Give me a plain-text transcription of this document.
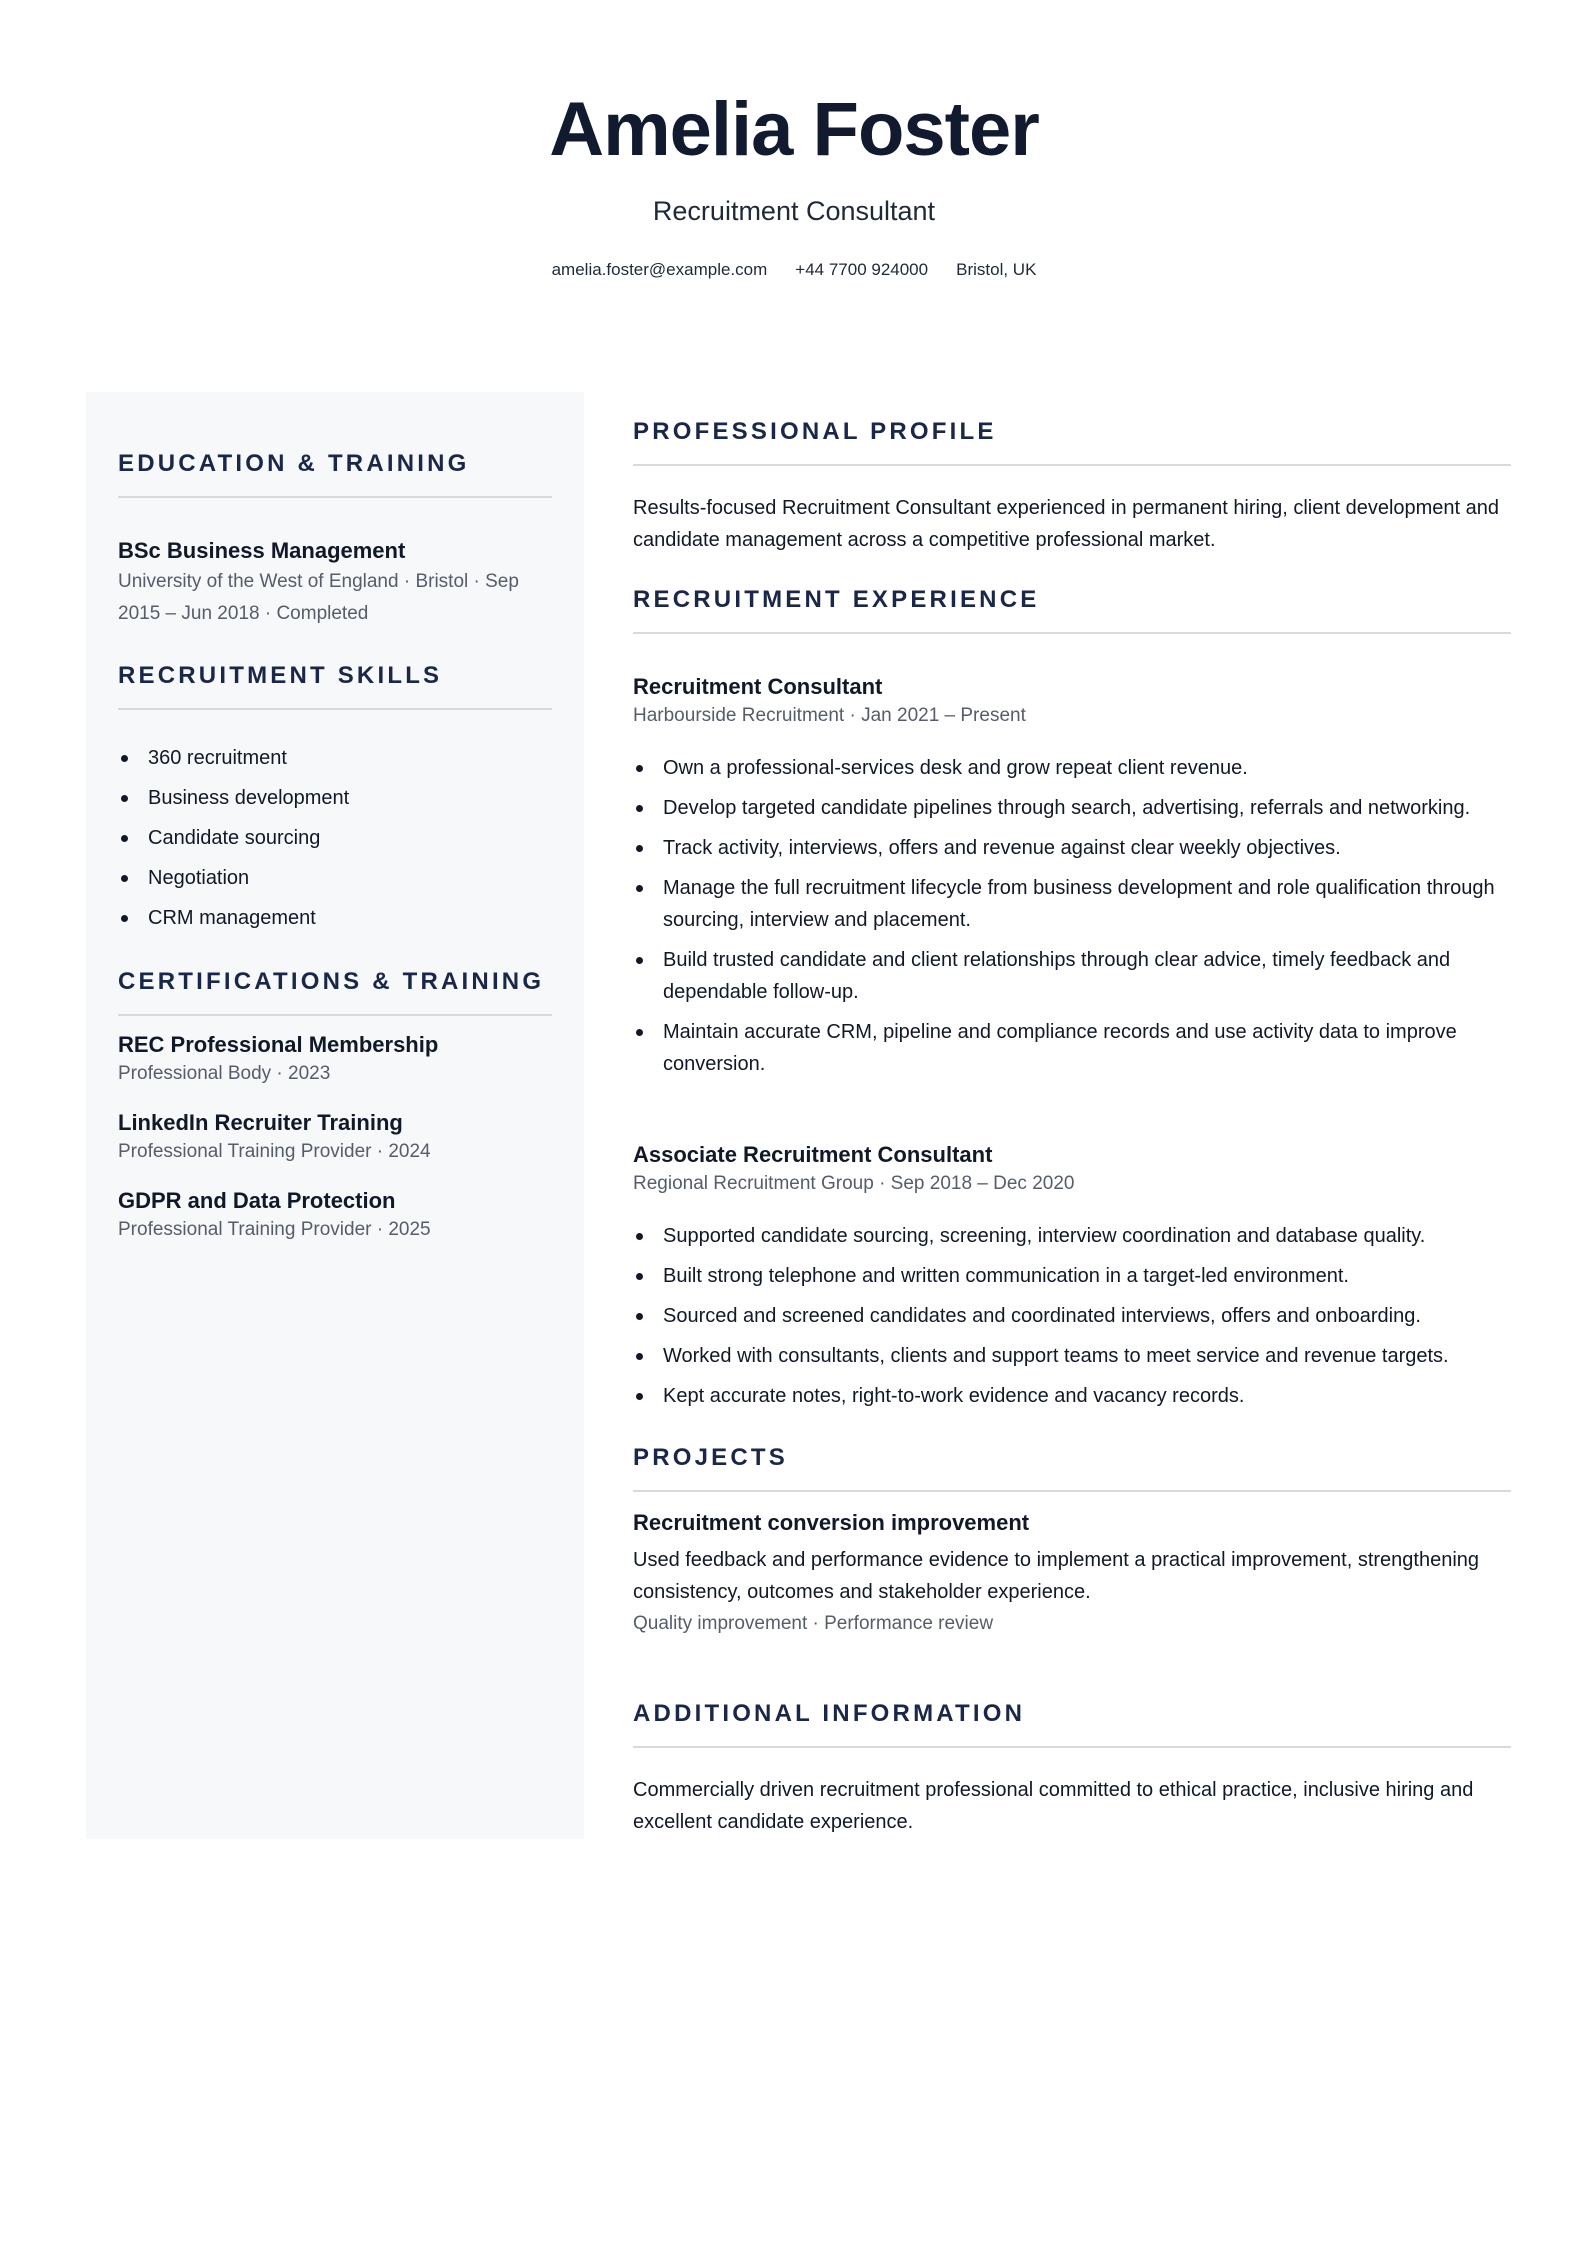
Amelia Foster
Recruitment Consultant
amelia.foster@example.com +44 7700 924000 Bristol, UK
EDUCATION & TRAINING

BSc Business Management

University of the West of England · Bristol · Sep 2015 – Jun 2018 · Completed

RECRUITMENT SKILLS
360 recruitment
Business development
Candidate sourcing
Negotiation
CRM management
CERTIFICATIONS & TRAINING

REC Professional Membership

Professional Body · 2023

LinkedIn Recruiter Training

Professional Training Provider · 2024

GDPR and Data Protection

Professional Training Provider · 2025

PROFESSIONAL PROFILE

Results-focused Recruitment Consultant experienced in permanent hiring, client development and candidate management across a competitive professional market.

RECRUITMENT EXPERIENCE

Recruitment Consultant

Harbourside Recruitment · Jan 2021 – Present

Own a professional-services desk and grow repeat client revenue.
Develop targeted candidate pipelines through search, advertising, referrals and networking.
Track activity, interviews, offers and revenue against clear weekly objectives.
Manage the full recruitment lifecycle from business development and role qualification through sourcing, interview and placement.
Build trusted candidate and client relationships through clear advice, timely feedback and dependable follow-up.
Maintain accurate CRM, pipeline and compliance records and use activity data to improve conversion.

Associate Recruitment Consultant

Regional Recruitment Group · Sep 2018 – Dec 2020

Supported candidate sourcing, screening, interview coordination and database quality.
Built strong telephone and written communication in a target-led environment.
Sourced and screened candidates and coordinated interviews, offers and onboarding.
Worked with consultants, clients and support teams to meet service and revenue targets.
Kept accurate notes, right-to-work evidence and vacancy records.
PROJECTS

Recruitment conversion improvement

Used feedback and performance evidence to implement a practical improvement, strengthening consistency, outcomes and stakeholder experience.

Quality improvement · Performance review

ADDITIONAL INFORMATION

Commercially driven recruitment professional committed to ethical practice, inclusive hiring and excellent candidate experience.
